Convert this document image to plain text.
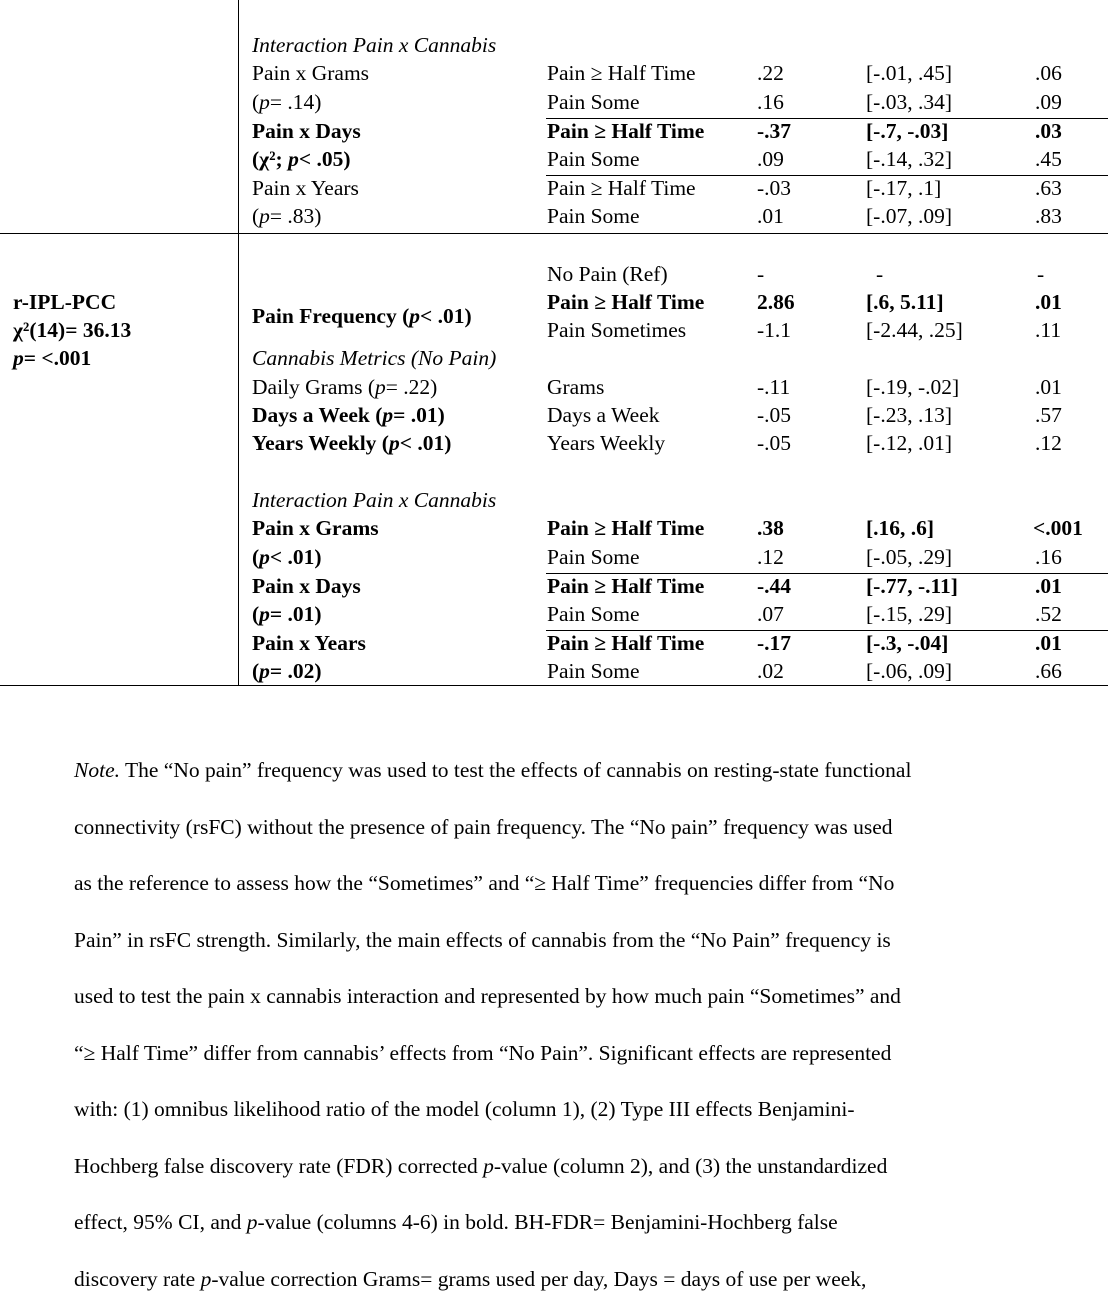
Interaction Pain x Cannabis
Pain x Grams	Pain ≥ Half Time	.22	[-.01, .45]	.06
(p= .14)	Pain Some	.16	[-.03, .34]	.09
Pain x Days	Pain ≥ Half Time -.37	[-.7, -.03]	.03
(χ²; p< .05)	Pain Some	.09	[-.14, .32]	.45
Pain x Years	Pain ≥ Half Time	-.03	[-.17, .1]	.63
(p= .83)	Pain Some	.01	[-.07, .09]	.83
r-IPL-PCC
χ²(14)= 36.13
p= <.001
No Pain (Ref)	-	-	-
Pain Frequency (p< .01)
Pain ≥ Half Time 2.86	[.6, 5.11]	.01
Pain Sometimes	-1.1	[-2.44, .25]	.11
Cannabis Metrics (No Pain)
Daily Grams (p= .22)	Grams	-.11	[-.19, -.02]	.01
Days a Week (p= .01)	Days a Week	-.05	[-.23, .13]	.57
Years Weekly (p< .01)	Years Weekly	-.05	[-.12, .01]	.12
Interaction Pain x Cannabis
Pain x Grams	Pain ≥ Half Time .38	[.16, .6]	<.001
(p< .01)	Pain Some	.12	[-.05, .29]	.16
Pain x Days	Pain ≥ Half Time -.44	[-.77, -.11]	.01
(p= .01)	Pain Some	.07	[-.15, .29]	.52
Pain x Years	Pain ≥ Half Time -.17	[-.3, -.04]	.01
(p= .02)	Pain Some	.02	[-.06, .09]	.66

Note. The “No pain” frequency was used to test the effects of cannabis on resting-state functional

connectivity (rsFC) without the presence of pain frequency. The “No pain” frequency was used

as the reference to assess how the “Sometimes” and “≥ Half Time” frequencies differ from “No

Pain” in rsFC strength. Similarly, the main effects of cannabis from the “No Pain” frequency is

used to test the pain x cannabis interaction and represented by how much pain “Sometimes” and

“≥ Half Time” differ from cannabis’ effects from “No Pain”. Significant effects are represented

with: (1) omnibus likelihood ratio of the model (column 1), (2) Type III effects Benjamini-

Hochberg false discovery rate (FDR) corrected p-value (column 2), and (3) the unstandardized

effect, 95% CI, and p-value (columns 4-6) in bold. BH-FDR= Benjamini-Hochberg false

discovery rate p-value correction Grams= grams used per day, Days = days of use per week,
